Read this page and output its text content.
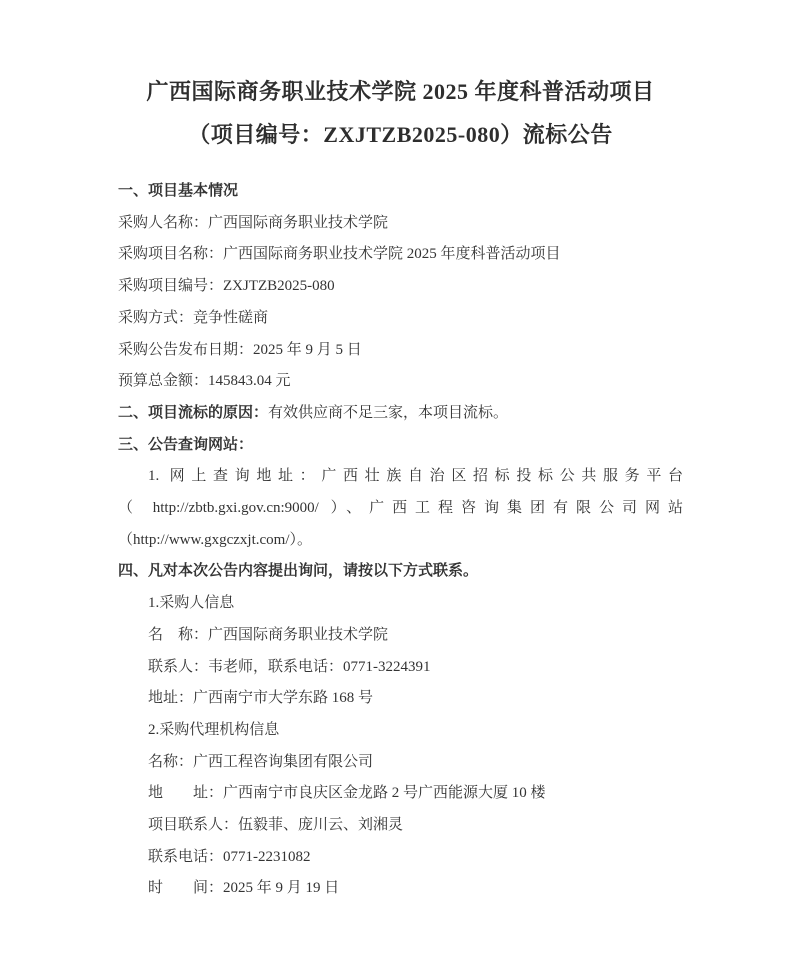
广西国际商务职业技术学院 2025 年度科普活动项目
（项目编号：ZXJTZB2025-080）流标公告
一、项目基本情况
采购人名称：广西国际商务职业技术学院
采购项目名称：广西国际商务职业技术学院 2025 年度科普活动项目
采购项目编号：ZXJTZB2025-080
采购方式：竞争性磋商
采购公告发布日期：2025 年 9 月 5 日
预算总金额：145843.04 元
二、项目流标的原因：有效供应商不足三家，本项目流标。
三、公告查询网站：
1. 网上查询地址：广西壮族自治区招标投标公共服务平台
（ http://zbtb.gxi.gov.cn:9000/ ）、广西工程咨询集团有限公司网站
（http://www.gxgczxjt.com/）。
四、凡对本次公告内容提出询问，请按以下方式联系。
1.采购人信息
名　称：广西国际商务职业技术学院
联系人：韦老师，联系电话：0771-3224391
地址：广西南宁市大学东路 168 号
2.采购代理机构信息
名称：广西工程咨询集团有限公司
地　　址：广西南宁市良庆区金龙路 2 号广西能源大厦 10 楼
项目联系人：伍毅菲、庞川云、刘湘灵
联系电话：0771-2231082
时　　间：2025 年 9 月 19 日
